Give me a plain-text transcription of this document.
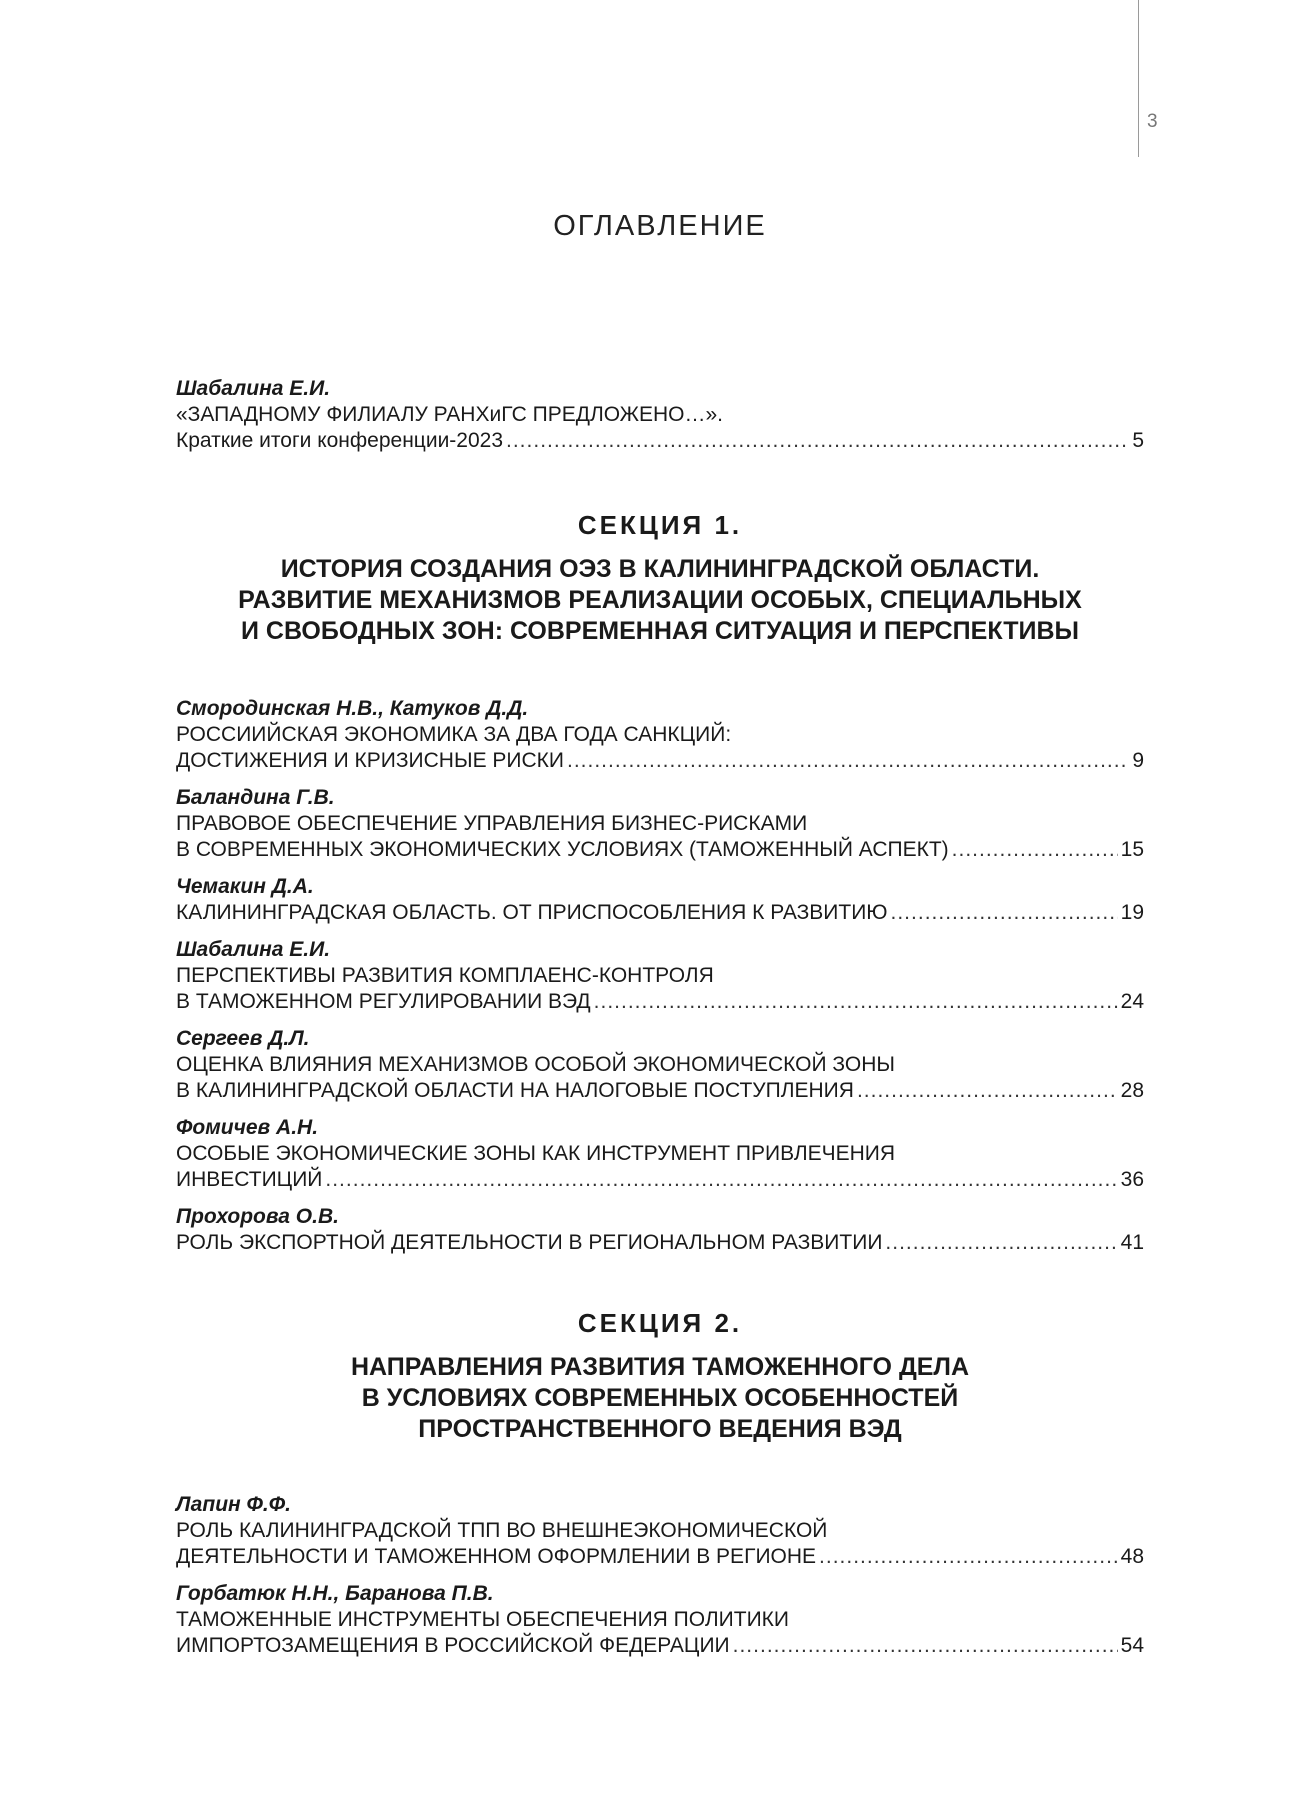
3
ОГЛАВЛЕНИЕ
Шабалина Е.И.
«ЗАПАДНОМУ ФИЛИАЛУ РАНХиГС ПРЕДЛОЖЕНО…».
Краткие итоги конференции-2023 .....	5
СЕКЦИЯ 1.
ИСТОРИЯ СОЗДАНИЯ ОЭЗ В КАЛИНИНГРАДСКОЙ ОБЛАСТИ.
РАЗВИТИЕ МЕХАНИЗМОВ РЕАЛИЗАЦИИ ОСОБЫХ, СПЕЦИАЛЬНЫХ
И СВОБОДНЫХ ЗОН: СОВРЕМЕННАЯ СИТУАЦИЯ И ПЕРСПЕКТИВЫ
Смородинская Н.В., Катуков Д.Д.
РОССИИЙСКАЯ ЭКОНОМИКА ЗА ДВА ГОДА САНКЦИЙ:
ДОСТИЖЕНИЯ И КРИЗИСНЫЕ РИСКИ .....	9
Баландина Г.В.
ПРАВОВОЕ ОБЕСПЕЧЕНИЕ УПРАВЛЕНИЯ БИЗНЕС-РИСКАМИ
В СОВРЕМЕННЫХ ЭКОНОМИЧЕСКИХ УСЛОВИЯХ (ТАМОЖЕННЫЙ АСПЕКТ) .....	15
Чемакин Д.А.
КАЛИНИНГРАДСКАЯ ОБЛАСТЬ. ОТ ПРИСПОСОБЛЕНИЯ К РАЗВИТИЮ .....	19
Шабалина Е.И.
ПЕРСПЕКТИВЫ РАЗВИТИЯ КОМПЛАЕНС-КОНТРОЛЯ
В ТАМОЖЕННОМ РЕГУЛИРОВАНИИ ВЭД .....	24
Сергеев Д.Л.
ОЦЕНКА ВЛИЯНИЯ МЕХАНИЗМОВ ОСОБОЙ ЭКОНОМИЧЕСКОЙ ЗОНЫ
В КАЛИНИНГРАДСКОЙ ОБЛАСТИ НА НАЛОГОВЫЕ ПОСТУПЛЕНИЯ .....	28
Фомичев А.Н.
ОСОБЫЕ ЭКОНОМИЧЕСКИЕ ЗОНЫ КАК ИНСТРУМЕНТ ПРИВЛЕЧЕНИЯ
ИНВЕСТИЦИЙ .....	36
Прохорова О.В.
РОЛЬ ЭКСПОРТНОЙ ДЕЯТЕЛЬНОСТИ В РЕГИОНАЛЬНОМ РАЗВИТИИ .....	41
СЕКЦИЯ 2.
НАПРАВЛЕНИЯ РАЗВИТИЯ ТАМОЖЕННОГО ДЕЛА
В УСЛОВИЯХ СОВРЕМЕННЫХ ОСОБЕННОСТЕЙ
ПРОСТРАНСТВЕННОГО ВЕДЕНИЯ ВЭД
Лапин Ф.Ф.
РОЛЬ КАЛИНИНГРАДСКОЙ ТПП ВО ВНЕШНЕЭКОНОМИЧЕСКОЙ
ДЕЯТЕЛЬНОСТИ И ТАМОЖЕННОМ ОФОРМЛЕНИИ В РЕГИОНЕ .....	48
Горбатюк Н.Н., Баранова П.В.
ТАМОЖЕННЫЕ ИНСТРУМЕНТЫ ОБЕСПЕЧЕНИЯ ПОЛИТИКИ
ИМПОРТОЗАМЕЩЕНИЯ В РОССИЙСКОЙ ФЕДЕРАЦИИ .....	54
